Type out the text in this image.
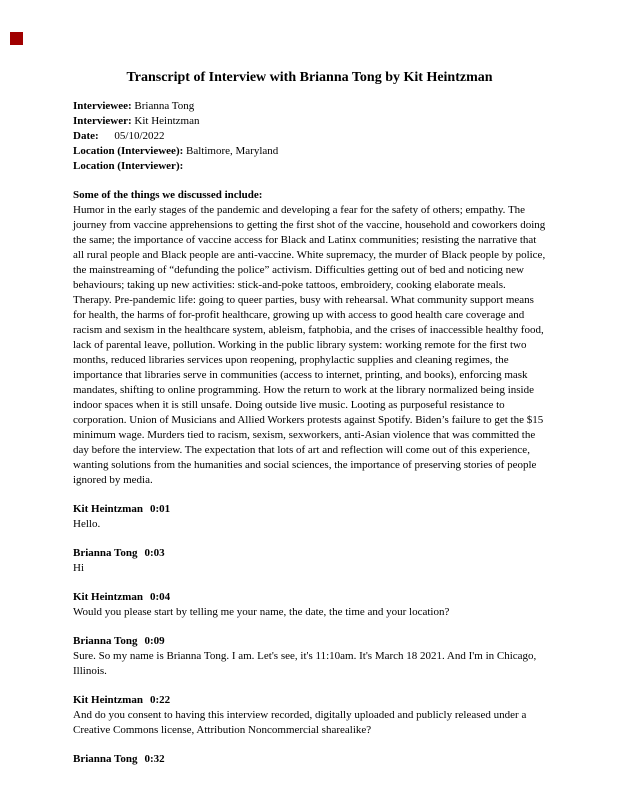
Transcript of Interview with Brianna Tong by Kit Heintzman
Interviewee: Brianna Tong
Interviewer: Kit Heintzman
Date: 05/10/2022
Location (Interviewee): Baltimore, Maryland
Location (Interviewer):

Some of the things we discussed include:

Humor in the early stages of the pandemic and developing a fear for the safety of others; empathy. The journey from vaccine apprehensions to getting the first shot of the vaccine, household and coworkers doing the same; the importance of vaccine access for Black and Latinx communities; resisting the narrative that all rural people and Black people are anti-vaccine. White supremacy, the murder of Black people by police, the mainstreaming of “defunding the police” activism. Difficulties getting out of bed and noticing new behaviours; taking up new activities: stick-and-poke tattoos, embroidery, cooking elaborate meals. Therapy. Pre-pandemic life: going to queer parties, busy with rehearsal. What community support means for health, the harms of for-profit healthcare, growing up with access to good health care coverage and racism and sexism in the healthcare system, ableism, fatphobia, and the crises of inaccessible healthy food, lack of parental leave, pollution. Working in the public library system: working remote for the first two months, reduced libraries services upon reopening, prophylactic supplies and cleaning regimes, the importance that libraries serve in communities (access to internet, printing, and books), enforcing mask mandates, shifting to online programming. How the return to work at the library normalized being inside indoor spaces when it is still unsafe. Doing outside live music. Looting as purposeful resistance to corporation. Union of Musicians and Allied Workers protests against Spotify. Biden’s failure to get the $15 minimum wage. Murders tied to racism, sexism, sexworkers, anti-Asian violence that was committed the day before the interview. The expectation that lots of art and reflection will come out of this experience, wanting solutions from the humanities and social sciences, the importance of preserving stories of people ignored by media.

Kit Heintzman 0:01
Hello.
Brianna Tong 0:03
Hi
Kit Heintzman 0:04
Would you please start by telling me your name, the date, the time and your location?
Brianna Tong 0:09
Sure. So my name is Brianna Tong. I am. Let's see, it's 11:10am. It's March 18 2021. And I'm in Chicago, Illinois.
Kit Heintzman 0:22
And do you consent to having this interview recorded, digitally uploaded and publicly released under a Creative Commons license, Attribution Noncommercial sharealike?
Brianna Tong 0:32
